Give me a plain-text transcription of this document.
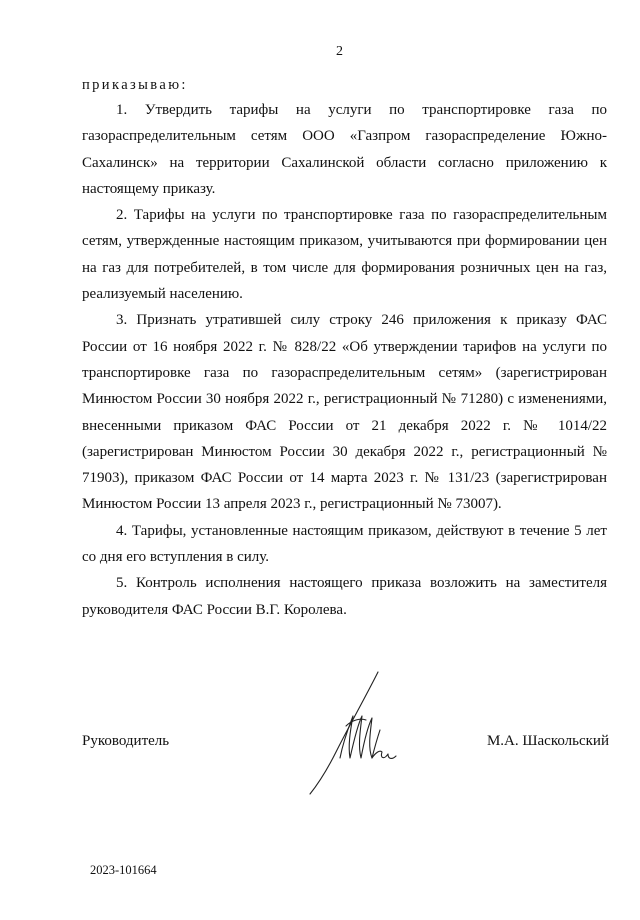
2
приказываю:

1. Утвердить тарифы на услуги по транспортировке газа по газораспределительным сетям ООО «Газпром газораспределение Южно-Сахалинск» на территории Сахалинской области согласно приложению к настоящему приказу.

2. Тарифы на услуги по транспортировке газа по газораспределительным сетям, утвержденные настоящим приказом, учитываются при формировании цен на газ для потребителей, в том числе для формирования розничных цен на газ, реализуемый населению.

3. Признать утратившей силу строку 246 приложения к приказу ФАС России от 16 ноября 2022 г. № 828/22 «Об утверждении тарифов на услуги по транспортировке газа по газораспределительным сетям» (зарегистрирован Минюстом России 30 ноября 2022 г., регистрационный № 71280) с изменениями, внесенными приказом ФАС России от 21 декабря 2022 г. № 1014/22 (зарегистрирован Минюстом России 30 декабря 2022 г., регистрационный № 71903), приказом ФАС России от 14 марта 2023 г. № 131/23 (зарегистрирован Минюстом России 13 апреля 2023 г., регистрационный № 73007).

4. Тарифы, установленные настоящим приказом, действуют в течение 5 лет со дня его вступления в силу.

5. Контроль исполнения настоящего приказа возложить на заместителя руководителя ФАС России В.Г. Королева.

Руководитель	М.А. Шаскольский
2023-101664
